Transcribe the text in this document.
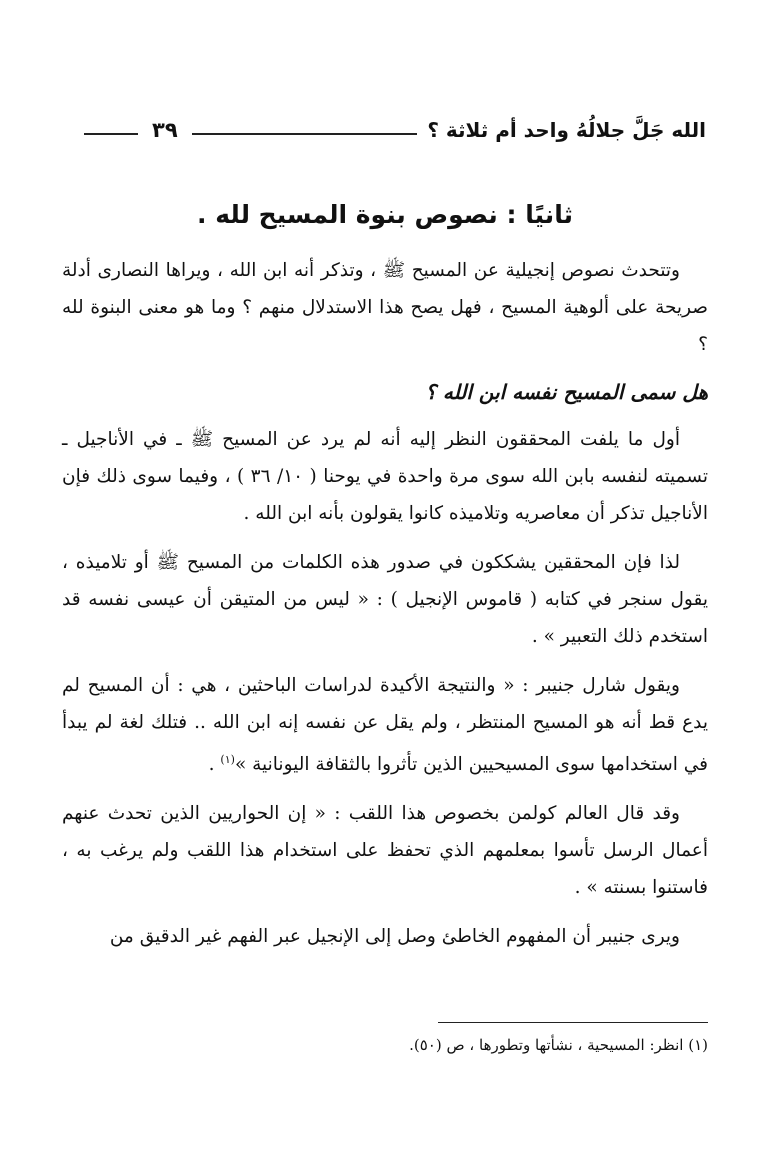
الله جَلَّ جلالُهُ واحد أم ثلاثة ؟
٣٩
ثانيًا : نصوص بنوة المسيح لله .

وتتحدث نصوص إنجيلية عن المسيح ﷺ ، وتذكر أنه ابن الله ، ويراها النصارى أدلة صريحة على ألوهية المسيح ، فهل يصح هذا الاستدلال منهم ؟ وما هو معنى البنوة لله ؟

هل سمى المسيح نفسه ابن الله ؟

أول ما يلفت المحققون النظر إليه أنه لم يرد عن المسيح ﷺ ـ في الأناجيل ـ تسميته لنفسه بابن الله سوى مرة واحدة في يوحنا ( ١٠/ ٣٦ ) ، وفيما سوى ذلك فإن الأناجيل تذكر أن معاصريه وتلاميذه كانوا يقولون بأنه ابن الله .

لذا فإن المحققين يشككون في صدور هذه الكلمات من المسيح ﷺ أو تلاميذه ، يقول سنجر في كتابه ( قاموس الإنجيل ) : « ليس من المتيقن أن عيسى نفسه قد استخدم ذلك التعبير » .

ويقول شارل جنيبر : « والنتيجة الأكيدة لدراسات الباحثين ، هي : أن المسيح لم يدع قط أنه هو المسيح المنتظر ، ولم يقل عن نفسه إنه ابن الله .. فتلك لغة لم يبدأ في استخدامها سوى المسيحيين الذين تأثروا بالثقافة اليونانية »$^{(١)}$ .

وقد قال العالم كولمن بخصوص هذا اللقب : « إن الحواريين الذين تحدث عنهم أعمال الرسل تأسوا بمعلمهم الذي تحفظ على استخدام هذا اللقب ولم يرغب به ، فاستنوا بسنته » .

ويرى جنيبر أن المفهوم الخاطئ وصل إلى الإنجيل عبر الفهم غير الدقيق من

(١) انظر: المسيحية ، نشأتها وتطورها ، ص (٥٠).
